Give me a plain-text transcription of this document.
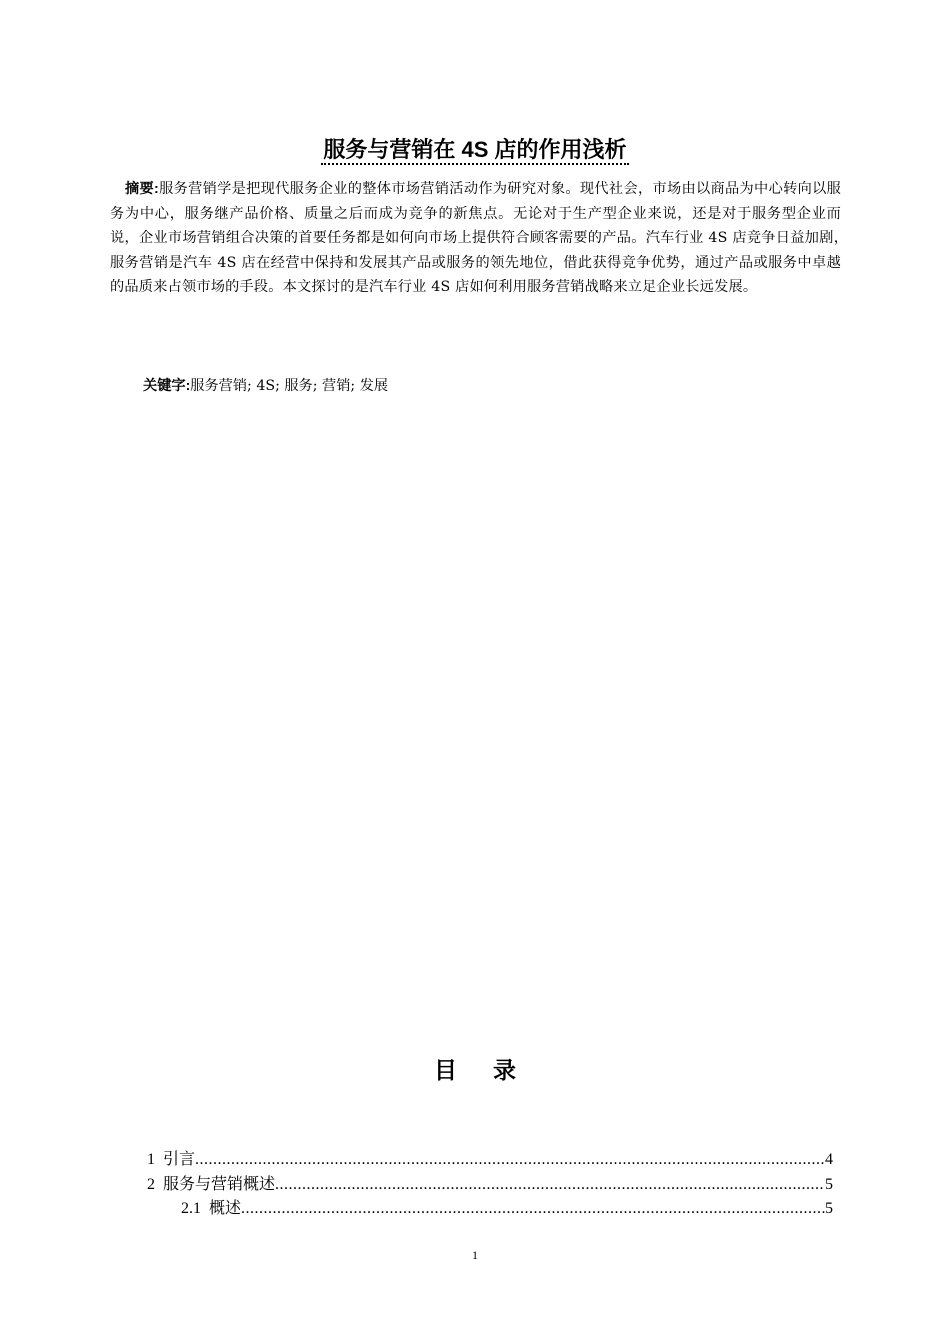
服务与营销在 4S 店的作用浅析
摘要:服务营销学是把现代服务企业的整体市场营销活动作为研究对象。现代社会，市场由以商品为中心转向以服务为中心，服务继产品价格、质量之后而成为竞争的新焦点。无论对于生产型企业来说，还是对于服务型企业而说，企业市场营销组合决策的首要任务都是如何向市场上提供符合顾客需要的产品。汽车行业 4S 店竞争日益加剧，　服务营销是汽车 4S 店在经营中保持和发展其产品或服务的领先地位，借此获得竞争优势，通过产品或服务中卓越的品质来占领市场的手段。本文探讨的是汽车行业 4S 店如何利用服务营销战略来立足企业长远发展。
关键字:服务营销; 4S; 服务; 营销; 发展
目 录
1 引言 .....	4
2 服务与营销概述 .....	5
2.1 概述 .....	5
1
